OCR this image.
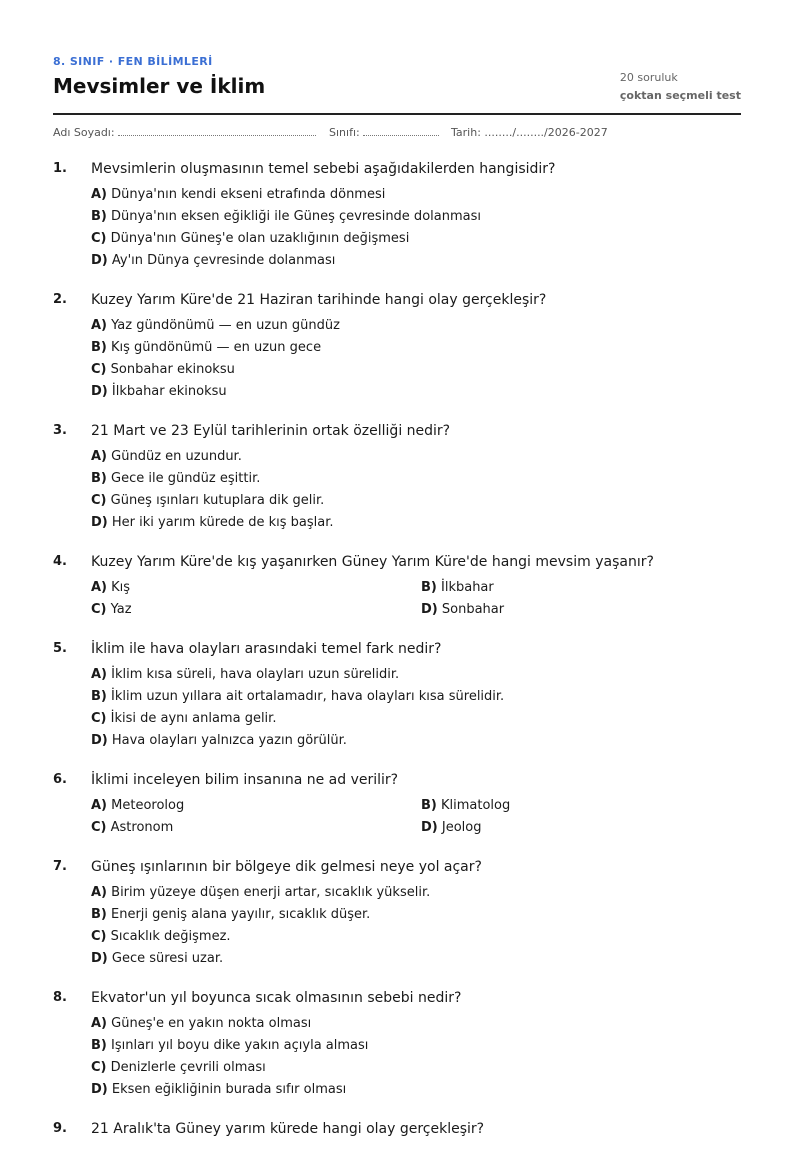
8. SINIF · FEN BİLİMLERİ
Mevsimler ve İklim	20 soruluk
çoktan seçmeli test
Adı Soyadı:	Sınıfı:	Tarih: ......../......../2026-2027
1. Mevsimlerin oluşmasının temel sebebi aşağıdakilerden hangisidir?
A) Dünya'nın kendi ekseni etrafında dönmesi
B) Dünya'nın eksen eğikliği ile Güneş çevresinde dolanması
C) Dünya'nın Güneş'e olan uzaklığının değişmesi
D) Ay'ın Dünya çevresinde dolanması
2. Kuzey Yarım Küre'de 21 Haziran tarihinde hangi olay gerçekleşir?
A) Yaz gündönümü — en uzun gündüz
B) Kış gündönümü — en uzun gece
C) Sonbahar ekinoksu
D) İlkbahar ekinoksu
3. 21 Mart ve 23 Eylül tarihlerinin ortak özelliği nedir?
A) Gündüz en uzundur.
B) Gece ile gündüz eşittir.
C) Güneş ışınları kutuplara dik gelir.
D) Her iki yarım kürede de kış başlar.
4. Kuzey Yarım Küre'de kış yaşanırken Güney Yarım Küre'de hangi mevsim yaşanır?
A) Kış	B) İlkbahar
C) Yaz	D) Sonbahar
5. İklim ile hava olayları arasındaki temel fark nedir?
A) İklim kısa süreli, hava olayları uzun sürelidir.
B) İklim uzun yıllara ait ortalamadır, hava olayları kısa sürelidir.
C) İkisi de aynı anlama gelir.
D) Hava olayları yalnızca yazın görülür.
6. İklimi inceleyen bilim insanına ne ad verilir?
A) Meteorolog	B) Klimatolog
C) Astronom	D) Jeolog
7. Güneş ışınlarının bir bölgeye dik gelmesi neye yol açar?
A) Birim yüzeye düşen enerji artar, sıcaklık yükselir.
B) Enerji geniş alana yayılır, sıcaklık düşer.
C) Sıcaklık değişmez.
D) Gece süresi uzar.
8. Ekvator'un yıl boyunca sıcak olmasının sebebi nedir?
A) Güneş'e en yakın nokta olması
B) Işınları yıl boyu dike yakın açıyla alması
C) Denizlerle çevrili olması
D) Eksen eğikliğinin burada sıfır olması
9. 21 Aralık'ta Güney yarım kürede hangi olay gerçekleşir?
